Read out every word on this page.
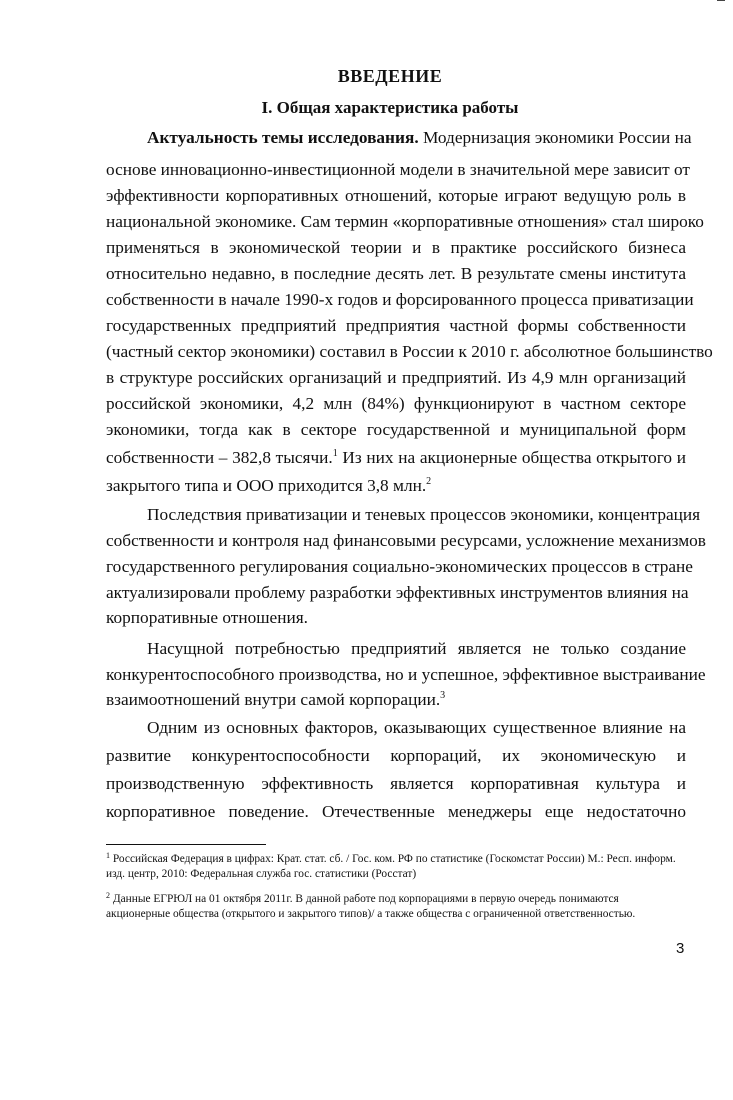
ВВЕДЕНИЕ
I. Общая характеристика работы
Актуальность темы исследования. Модернизация экономики России на
основе инновационно-инвестиционной модели в значительной мере зависит от
эффективности корпоративных отношений, которые играют ведущую роль в
национальной экономике. Сам термин «корпоративные отношения» стал широко
применяться в экономической теории и в практике российского бизнеса
относительно недавно, в последние десять лет. В результате смены института
собственности в начале 1990-х годов и форсированного процесса приватизации
государственных предприятий предприятия частной формы собственности
(частный сектор экономики) составил в России к 2010 г. абсолютное большинство
в структуре российских организаций и предприятий. Из 4,9 млн организаций
российской экономики, 4,2 млн (84%) функционируют в частном секторе
экономики, тогда как в секторе государственной и муниципальной форм
собственности – 382,8 тысячи.$^1$ Из них на акционерные общества открытого и
закрытого типа и ООО приходится 3,8 млн.$^2$
Последствия приватизации и теневых процессов экономики, концентрация
собственности и контроля над финансовыми ресурсами, усложнение механизмов
государственного регулирования социально-экономических процессов в стране
актуализировали проблему разработки эффективных инструментов влияния на
корпоративные отношения.
Насущной потребностью предприятий является не только создание
конкурентоспособного производства, но и успешное, эффективное выстраивание
взаимоотношений внутри самой корпорации.$^3$
Одним из основных факторов, оказывающих существенное влияние на
развитие конкурентоспособности корпораций, их экономическую и
производственную эффективность является корпоративная культура и
корпоративное поведение. Отечественные менеджеры еще недостаточно
$^1$ Российская Федерация в цифрах: Крат. стат. сб. / Гос. ком. РФ по статистике (Госкомстат России) М.: Респ. информ.
изд. центр, 2010: Федеральная служба гос. статистики (Росстат)
$^2$ Данные ЕГРЮЛ на 01 октября 2011г. В данной работе под корпорациями в первую очередь понимаются
акционерные общества (открытого и закрытого типов)/ а также общества с ограниченной ответственностью.
3
